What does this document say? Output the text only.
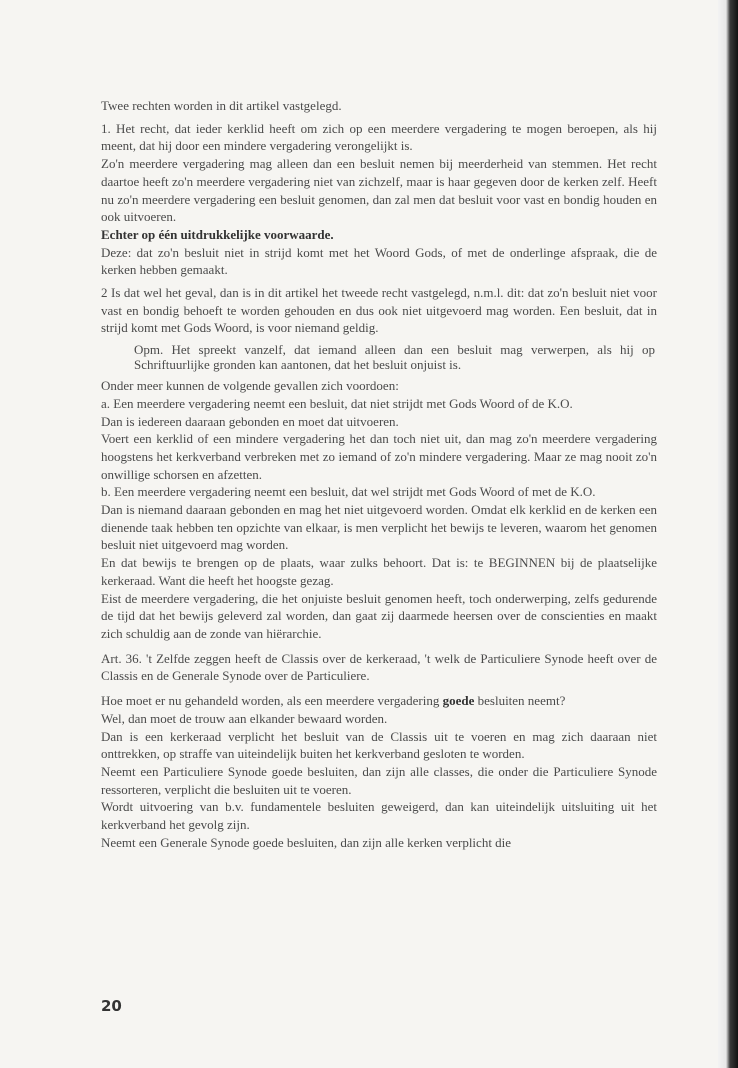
Twee rechten worden in dit artikel vastgelegd.

1. Het recht, dat ieder kerklid heeft om zich op een meerdere vergadering te mogen beroepen, als hij meent, dat hij door een mindere vergadering verongelijkt is.

Zo'n meerdere vergadering mag alleen dan een besluit nemen bij meerderheid van stemmen. Het recht daartoe heeft zo'n meerdere vergadering niet van zichzelf, maar is haar gegeven door de kerken zelf. Heeft nu zo'n meerdere vergadering een besluit genomen, dan zal men dat besluit voor vast en bondig houden en ook uitvoeren.

Echter op één uitdrukkelijke voorwaarde.

Deze: dat zo'n besluit niet in strijd komt met het Woord Gods, of met de onderlinge afspraak, die de kerken hebben gemaakt.

2 Is dat wel het geval, dan is in dit artikel het tweede recht vastgelegd, n.m.l. dit: dat zo'n besluit niet voor vast en bondig behoeft te worden gehouden en dus ook niet uitgevoerd mag worden. Een besluit, dat in strijd komt met Gods Woord, is voor niemand geldig.

Opm. Het spreekt vanzelf, dat iemand alleen dan een besluit mag verwerpen, als hij op Schriftuurlijke gronden kan aantonen, dat het besluit onjuist is.

Onder meer kunnen de volgende gevallen zich voordoen:

a. Een meerdere vergadering neemt een besluit, dat niet strijdt met Gods Woord of de K.O.

Dan is iedereen daaraan gebonden en moet dat uitvoeren.

Voert een kerklid of een mindere vergadering het dan toch niet uit, dan mag zo'n meerdere vergadering hoogstens het kerkverband verbreken met zo iemand of zo'n mindere vergadering. Maar ze mag nooit zo'n onwillige schorsen en afzetten.

b. Een meerdere vergadering neemt een besluit, dat wel strijdt met Gods Woord of met de K.O.

Dan is niemand daaraan gebonden en mag het niet uitgevoerd worden. Omdat elk kerklid en de kerken een dienende taak hebben ten opzichte van elkaar, is men verplicht het bewijs te leveren, waarom het genomen besluit niet uitgevoerd mag worden.

En dat bewijs te brengen op de plaats, waar zulks behoort. Dat is: te BEGINNEN bij de plaatselijke kerkeraad. Want die heeft het hoogste gezag.

Eist de meerdere vergadering, die het onjuiste besluit genomen heeft, toch onderwerping, zelfs gedurende de tijd dat het bewijs geleverd zal worden, dan gaat zij daarmede heersen over de conscienties en maakt zich schuldig aan de zonde van hiërarchie.

Art. 36. 't Zelfde zeggen heeft de Classis over de kerkeraad, 't welk de Particuliere Synode heeft over de Classis en de Generale Synode over de Particuliere.

Hoe moet er nu gehandeld worden, als een meerdere vergadering goede besluiten neemt?

Wel, dan moet de trouw aan elkander bewaard worden.

Dan is een kerkeraad verplicht het besluit van de Classis uit te voeren en mag zich daaraan niet onttrekken, op straffe van uiteindelijk buiten het kerkverband gesloten te worden.

Neemt een Particuliere Synode goede besluiten, dan zijn alle classes, die onder die Particuliere Synode ressorteren, verplicht die besluiten uit te voeren.

Wordt uitvoering van b.v. fundamentele besluiten geweigerd, dan kan uiteindelijk uitsluiting uit het kerkverband het gevolg zijn.

Neemt een Generale Synode goede besluiten, dan zijn alle kerken verplicht die

20
